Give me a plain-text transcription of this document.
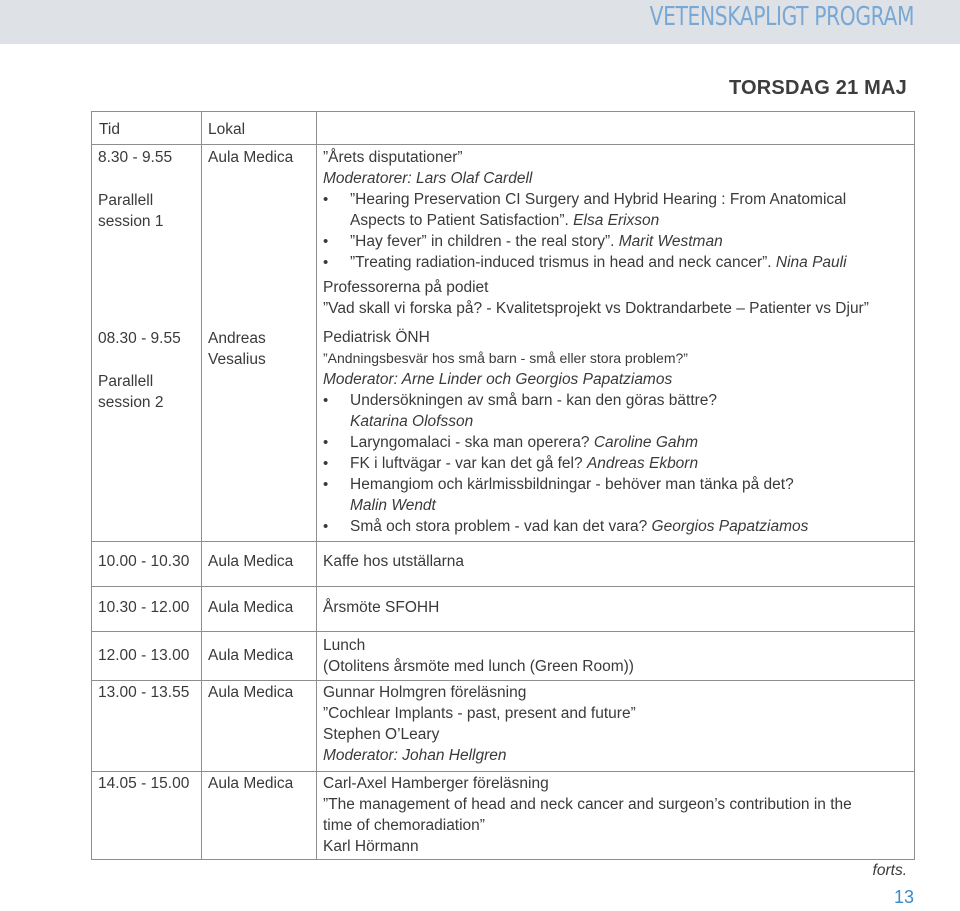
VETENSKAPLIGT PROGRAM
TORSDAG 21 MAJ
Tid	Lokal
8.30 - 9.55
Parallell
session 1
08.30 - 9.55
Parallell
session 2
Aula Medica
Andreas
Vesalius
”Årets disputationer”
Moderatorer: Lars Olaf Cardell
• ”Hearing Preservation CI Surgery and Hybrid Hearing : From Anatomical
Aspects to Patient Satisfaction”. Elsa Erixson
• ”Hay fever” in children - the real story”. Marit Westman
• ”Treating radiation-induced trismus in head and neck cancer”. Nina Pauli
Professorerna på podiet
”Vad skall vi forska på? - Kvalitetsprojekt vs Doktrandarbete – Patienter vs Djur”
Pediatrisk ÖNH
”Andningsbesvär hos små barn - små eller stora problem?”
Moderator: Arne Linder och Georgios Papatziamos
• Undersökningen av små barn - kan den göras bättre?
Katarina Olofsson
• Laryngomalaci - ska man operera? Caroline Gahm
• FK i luftvägar - var kan det gå fel? Andreas Ekborn
• Hemangiom och kärlmissbildningar - behöver man tänka på det?
Malin Wendt
• Små och stora problem - vad kan det vara? Georgios Papatziamos
10.00 - 10.30 Aula Medica Kaffe hos utställarna
10.30 - 12.00 Aula Medica Årsmöte SFOHH
12.00 - 13.00 Aula Medica
Lunch
(Otolitens årsmöte med lunch (Green Room))
13.00 - 13.55 Aula Medica Gunnar Holmgren föreläsning
”Cochlear Implants - past, present and future”
Stephen O’Leary
Moderator: Johan Hellgren
14.05 - 15.00 Aula Medica Carl-Axel Hamberger föreläsning
”The management of head and neck cancer and surgeon’s contribution in the
time of chemoradiation”
Karl Hörmann
forts.
13
